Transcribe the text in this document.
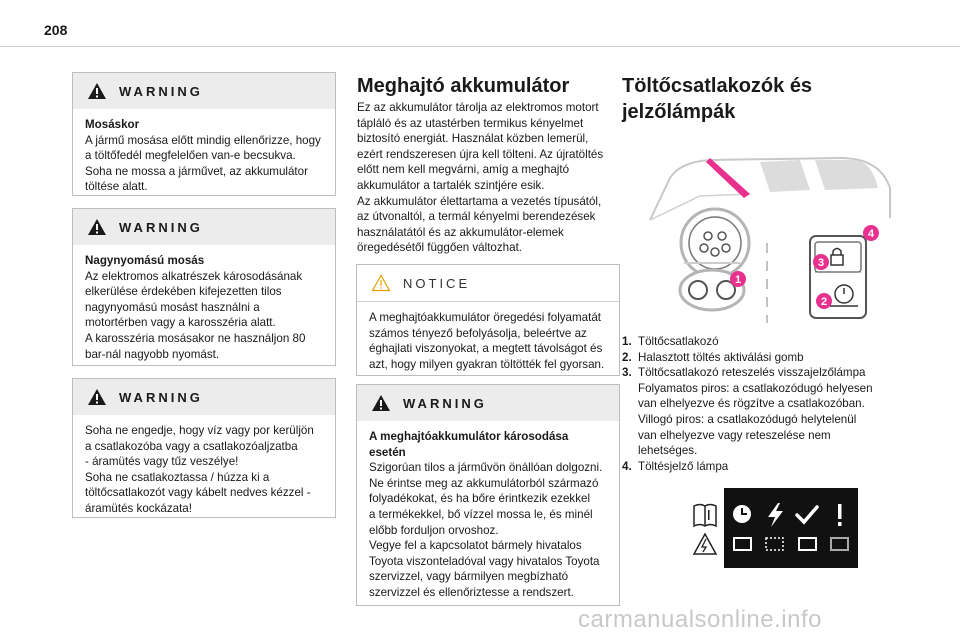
208
WARNING
Mosáskor
A jármű mosása előtt mindig ellenőrizze, hogy
a töltőfedél megfelelően van-e becsukva.
Soha ne mossa a járművet, az akkumulátor
töltése alatt.
WARNING
Nagynyomású mosás
Az elektromos alkatrészek károsodásának
elkerülése érdekében kifejezetten tilos
nagynyomású mosást használni a
motortérben vagy a karosszéria alatt.
A karosszéria mosásakor ne használjon 80
bar-nál nagyobb nyomást.
WARNING
Soha ne engedje, hogy víz vagy por kerüljön
a csatlakozóba vagy a csatlakozóaljzatba
- áramütés vagy tűz veszélye!
Soha ne csatlakoztassa / húzza ki a
töltőcsatlakozót vagy kábelt nedves kézzel -
áramütés kockázata!
Meghajtó akkumulátor
Ez az akkumulátor tárolja az elektromos motort
tápláló és az utastérben termikus kényelmet
biztosító energiát. Használat közben lemerül,
ezért rendszeresen újra kell tölteni. Az újratöltés
előtt nem kell megvárni, amíg a meghajtó
akkumulátor a tartalék szintjére esik.
Az akkumulátor élettartama a vezetés típusától,
az útvonaltól, a termál kényelmi berendezések
használatától és az akkumulátor-elemek
öregedésétől függően változhat.
NOTICE
A meghajtóakkumulátor öregedési folyamatát
számos tényező befolyásolja, beleértve az
éghajlati viszonyokat, a megtett távolságot és
azt, hogy milyen gyakran töltötték fel gyorsan.
WARNING
A meghajtóakkumulátor károsodása
esetén
Szigorúan tilos a járművön önállóan dolgozni.
Ne érintse meg az akkumulátorból származó
folyadékokat, és ha bőre érintkezik ezekkel
a termékekkel, bő vízzel mossa le, és minél
előbb forduljon orvoshoz.
Vegye fel a kapcsolatot bármely hivatalos
Toyota viszonteladóval vagy hivatalos Toyota
szervizzel, vagy bármilyen megbízható
szervizzel és ellenőriztesse a rendszert.
Töltőcsatlakozók és
jelzőlámpák
1
2
3
4
1. Töltőcsatlakozó
2. Halasztott töltés aktiválási gomb
3. Töltőcsatlakozó reteszelés visszajelzőlámpa
Folyamatos piros: a csatlakozódugó helyesen
van elhelyezve és rögzítve a csatlakozóban.
Villogó piros: a csatlakozódugó helytelenül
van elhelyezve vagy reteszelése nem
lehetséges.
4. Töltésjelző lámpa
carmanualsonline.info
